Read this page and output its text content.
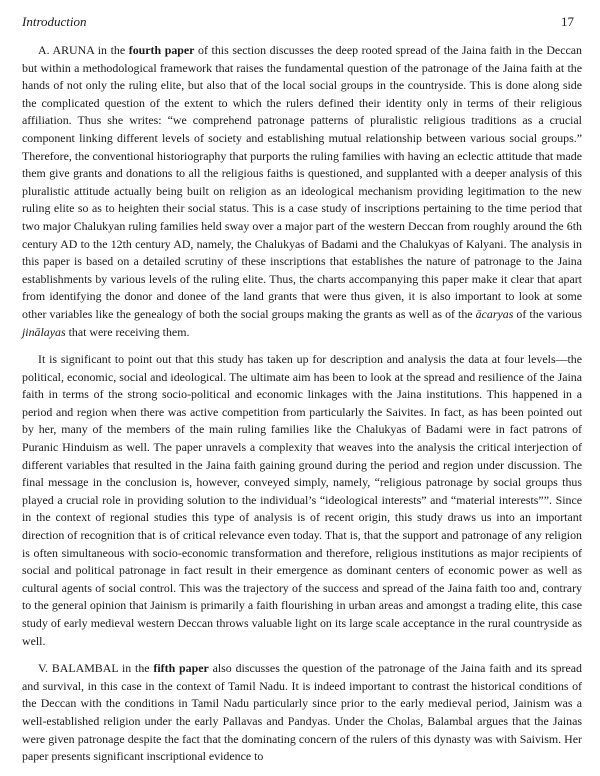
Introduction	17

A. ARUNA in the fourth paper of this section discusses the deep rooted spread of the Jaina faith in the Deccan but within a methodological framework that raises the fundamental question of the patronage of the Jaina faith at the hands of not only the ruling elite, but also that of the local social groups in the countryside. This is done along side the complicated question of the extent to which the rulers defined their identity only in terms of their religious affiliation. Thus she writes: “we comprehend patronage patterns of pluralistic religious traditions as a crucial component linking different levels of society and establishing mutual relationship between various social groups.” Therefore, the conventional historiography that purports the ruling families with having an eclectic attitude that made them give grants and donations to all the religious faiths is questioned, and supplanted with a deeper analysis of this pluralistic attitude actually being built on religion as an ideological mechanism providing legitimation to the new ruling elite so as to heighten their social status. This is a case study of inscriptions pertaining to the time period that two major Chalukyan ruling families held sway over a major part of the western Deccan from roughly around the 6th century AD to the 12th century AD, namely, the Chalukyas of Badami and the Chalukyas of Kalyani. The analysis in this paper is based on a detailed scrutiny of these inscriptions that establishes the nature of patronage to the Jaina establishments by various levels of the ruling elite. Thus, the charts accompanying this paper make it clear that apart from identifying the donor and donee of the land grants that were thus given, it is also important to look at some other variables like the genealogy of both the social groups making the grants as well as of the ācaryas of the various jinālayas that were receiving them.

It is significant to point out that this study has taken up for description and analysis the data at four levels—the political, economic, social and ideological. The ultimate aim has been to look at the spread and resilience of the Jaina faith in terms of the strong socio-political and economic linkages with the Jaina institutions. This happened in a period and region when there was active competition from particularly the Saivites. In fact, as has been pointed out by her, many of the members of the main ruling families like the Chalukyas of Badami were in fact patrons of Puranic Hinduism as well. The paper unravels a complexity that weaves into the analysis the critical interjection of different variables that resulted in the Jaina faith gaining ground during the period and region under discussion. The final message in the conclusion is, however, conveyed simply, namely, “religious patronage by social groups thus played a crucial role in providing solution to the individual’s “ideological interests” and “material interests””. Since in the context of regional studies this type of analysis is of recent origin, this study draws us into an important direction of recognition that is of critical relevance even today. That is, that the support and patronage of any religion is often simultaneous with socio-economic transformation and therefore, religious institutions as major recipients of social and political patronage in fact result in their emergence as dominant centers of economic power as well as cultural agents of social control. This was the trajectory of the success and spread of the Jaina faith too and, contrary to the general opinion that Jainism is primarily a faith flourishing in urban areas and amongst a trading elite, this case study of early medieval western Deccan throws valuable light on its large scale acceptance in the rural countryside as well.

V. BALAMBAL in the fifth paper also discusses the question of the patronage of the Jaina faith and its spread and survival, in this case in the context of Tamil Nadu. It is indeed important to contrast the historical conditions of the Deccan with the conditions in Tamil Nadu particularly since prior to the early medieval period, Jainism was a well-established religion under the early Pallavas and Pandyas. Under the Cholas, Balambal argues that the Jainas were given patronage despite the fact that the dominating concern of the rulers of this dynasty was with Saivism. Her paper presents significant inscriptional evidence to
